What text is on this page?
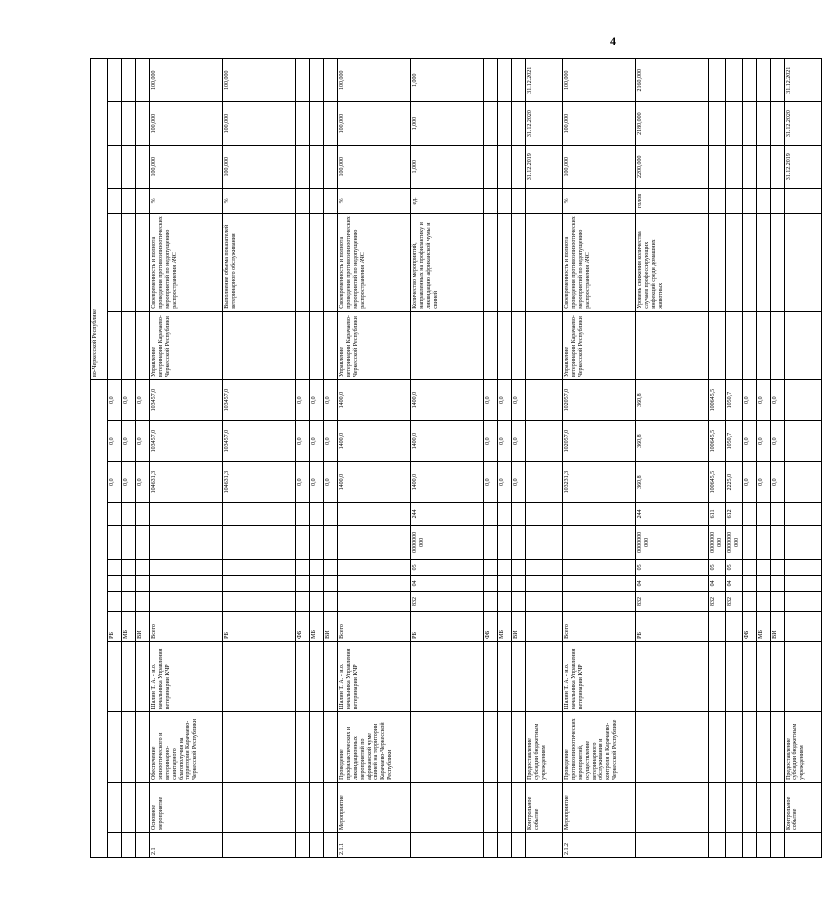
4
													во-Черкесской Республике					
				РБ						0,0	0,0	0,0						
				МБ						0,0	0,0	0,0						
				ВИ						0,0	0,0	0,0						
2.1	Основное мероприятие	Обеспечение эпизоотического и ветеринарно-санитарного благополучия на территории Карачаево-Черкесской Республики	Шалин Т. А. - и.о. начальника Управления ветеринарии КЧР	Всего						104631,3	103457,0	103457,0	Управление ветеринарии Карачаево-Черкесской Республики	Своевременность и полнота проведения противоэпизоотических мероприятий по недопущению распространения АЧС	%	100,000	100,000	100,000
				РБ						104631,3	103457,0	103457,0		Выполнение объема показателей ветеринарного обслуживания	%	100,000	100,000	100,000
				ФБ						0,0	0,0	0,0						
				МБ						0,0	0,0	0,0						
				ВИ						0,0	0,0	0,0						
2.1.1	Мероприятие	Проведение профилактических и ликвидационных мероприятий по африканской чуме свиней на территории Карачаево-Черкесской Республики	Шалин Т. А. - и.о. начальника Управления ветеринарии КЧР	Всего						1400,0	1400,0	1400,0	Управление ветеринарии Карачаево-Черкесской Республики	Своевременность и полнота проведения противоэпизоотических мероприятий по недопущению распространения АЧС	%	100,000	100,000	100,000
				РБ	832	04	05	0000000 000	244	1400,0	1400,0	1400,0		Количество мероприятий, направленных на профилактику и ликвидацию африканской чумы и свиней	ед.	1,000	1,000	1,000
				ФБ						0,0	0,0	0,0						
				МБ						0,0	0,0	0,0						
				ВИ						0,0	0,0	0,0						
	Контрольное событие	Предоставление субсидии бюджетным учреждениям														31.12.2019	31.12.2020	31.12.2021
2.1.2	Мероприятие	Проведение противоэпизоотических мероприятий, осуществление ветеринарного обслуживания и контроля в Карачаево-Черкесской Республике	Шалин Т. А. - и.о. начальника Управления ветеринарии КЧР	Всего						103231,3	102057,0	102057,0	Управление ветеринарии Карачаево-Черкесской Республики	Своевременность и полнота проведения противоэпизоотических мероприятий по недопущению распространения АЧС	%	100,000	100,000	100,000
				РБ	832	04	05	0000000 000	244	360,8	360,8	360,8		Уровень снижения количества случаев профессирующих инфекций среди домашних животных	голов	2200,000	2180,000	2160,000
					832	04	05	0000000 000	611	100645,5	100645,5	100645,5						
					832	04	05	0000000 000	612	2225,0	1050,7	1050,7						
				ФБ						0,0	0,0	0,0						
				МБ						0,0	0,0	0,0						
				ВИ						0,0	0,0	0,0						
	Контрольное событие	Предоставление субсидии бюджетным учреждениям														31.12.2019	31.12.2020	31.12.2021
